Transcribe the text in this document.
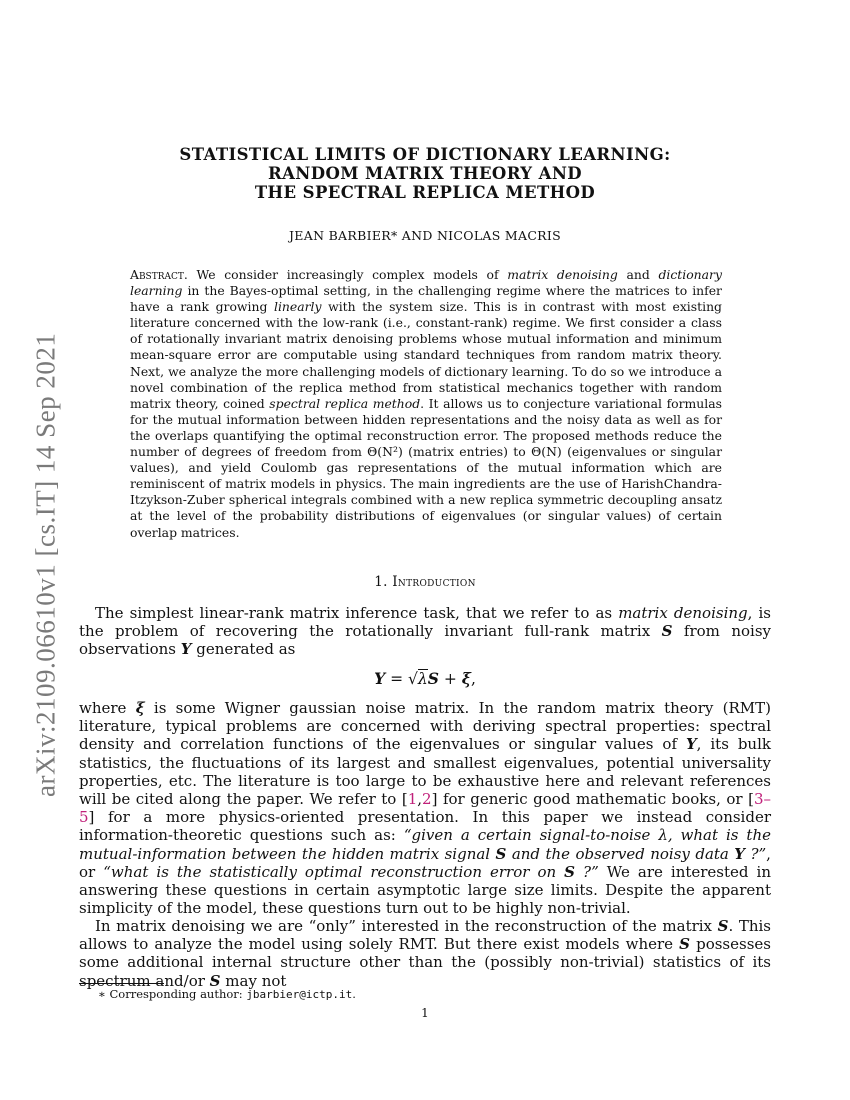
arXiv:2109.06610v1 [cs.IT] 14 Sep 2021
STATISTICAL LIMITS OF DICTIONARY LEARNING:
RANDOM MATRIX THEORY AND
THE SPECTRAL REPLICA METHOD
JEAN BARBIER* AND NICOLAS MACRIS
Abstract. We consider increasingly complex models of matrix denoising and dictionary learning in the Bayes-optimal setting, in the challenging regime where the matrices to infer have a rank growing linearly with the system size. This is in contrast with most existing literature concerned with the low-rank (i.e., constant-rank) regime. We first consider a class of rotationally invariant matrix denoising problems whose mutual information and minimum mean-square error are computable using standard techniques from random matrix theory. Next, we analyze the more challenging models of dictionary learning. To do so we introduce a novel combination of the replica method from statistical mechanics together with random matrix theory, coined spectral replica method. It allows us to conjecture variational formulas for the mutual information between hidden representations and the noisy data as well as for the overlaps quantifying the optimal reconstruction error. The proposed methods reduce the number of degrees of freedom from Θ(N²) (matrix entries) to Θ(N) (eigenvalues or singular values), and yield Coulomb gas representations of the mutual information which are reminiscent of matrix models in physics. The main ingredients are the use of HarishChandra-Itzykson-Zuber spherical integrals combined with a new replica symmetric decoupling ansatz at the level of the probability distributions of eigenvalues (or singular values) of certain overlap matrices.
1. Introduction
The simplest linear-rank matrix inference task, that we refer to as matrix denoising, is the problem of recovering the rotationally invariant full-rank matrix S from noisy observations Y generated as
Y = √λS + ξ,
where ξ is some Wigner gaussian noise matrix. In the random matrix theory (RMT) literature, typical problems are concerned with deriving spectral properties: spectral density and correlation functions of the eigenvalues or singular values of Y, its bulk statistics, the fluctuations of its largest and smallest eigenvalues, potential universality properties, etc. The literature is too large to be exhaustive here and relevant references will be cited along the paper. We refer to [1,2] for generic good mathematic books, or [3–5] for a more physics-oriented presentation. In this paper we instead consider information-theoretic questions such as: “given a certain signal-to-noise λ, what is the mutual-information between the hidden matrix signal S and the observed noisy data Y ?”, or “what is the statistically optimal reconstruction error on S ?” We are interested in answering these questions in certain asymptotic large size limits. Despite the apparent simplicity of the model, these questions turn out to be highly non-trivial.
In matrix denoising we are “only” interested in the reconstruction of the matrix S. This allows to analyze the model using solely RMT. But there exist models where S possesses some additional internal structure other than the (possibly non-trivial) statistics of its spectrum and/or S may not
∗ Corresponding author: jbarbier@ictp.it.
1
